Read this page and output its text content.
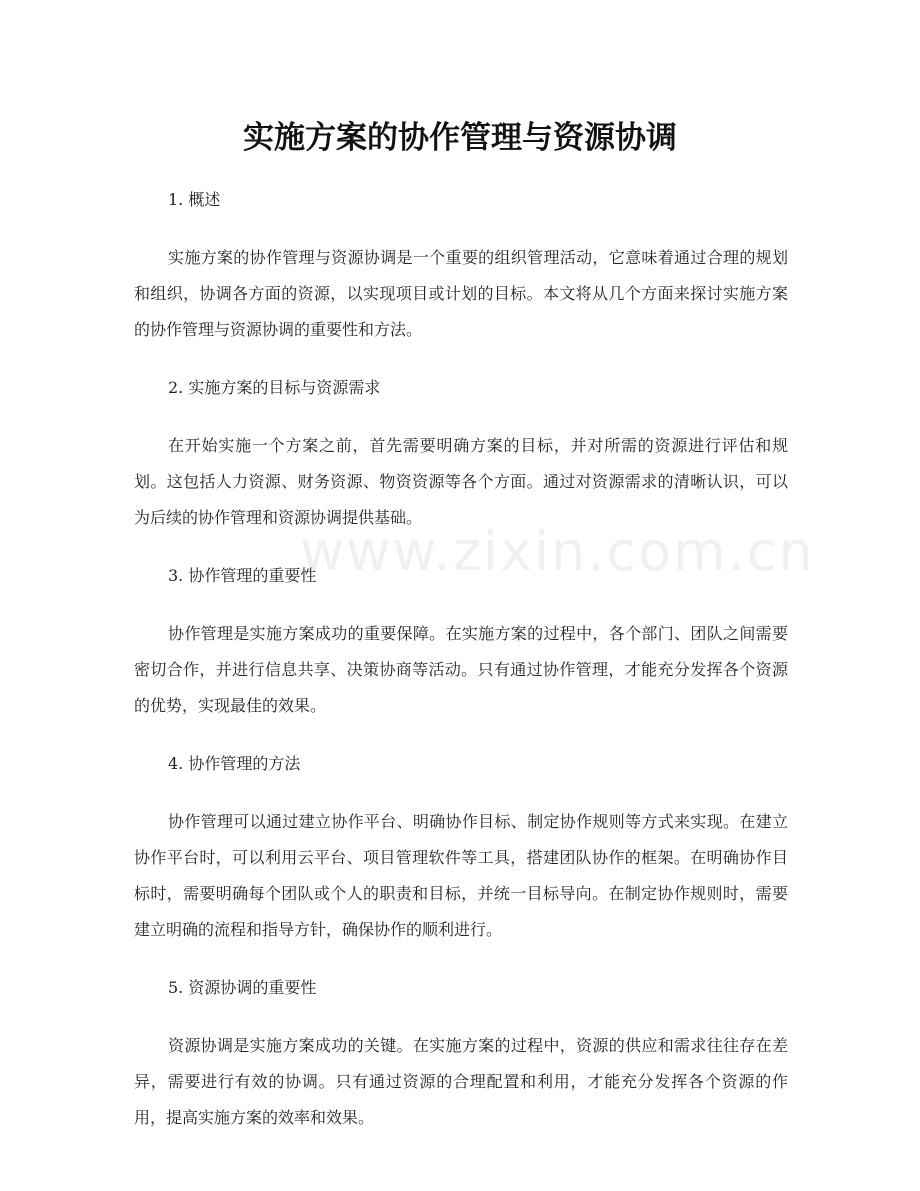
实施方案的协作管理与资源协调

1. 概述

实施方案的协作管理与资源协调是一个重要的组织管理活动，它意味着通过合理的规划和组织，协调各方面的资源，以实现项目或计划的目标。本文将从几个方面来探讨实施方案的协作管理与资源协调的重要性和方法。

2. 实施方案的目标与资源需求

在开始实施一个方案之前，首先需要明确方案的目标，并对所需的资源进行评估和规划。这包括人力资源、财务资源、物资资源等各个方面。通过对资源需求的清晰认识，可以为后续的协作管理和资源协调提供基础。

3. 协作管理的重要性

协作管理是实施方案成功的重要保障。在实施方案的过程中，各个部门、团队之间需要密切合作，并进行信息共享、决策协商等活动。只有通过协作管理，才能充分发挥各个资源的优势，实现最佳的效果。

4. 协作管理的方法

协作管理可以通过建立协作平台、明确协作目标、制定协作规则等方式来实现。在建立协作平台时，可以利用云平台、项目管理软件等工具，搭建团队协作的框架。在明确协作目标时，需要明确每个团队或个人的职责和目标，并统一目标导向。在制定协作规则时，需要建立明确的流程和指导方针，确保协作的顺利进行。

5. 资源协调的重要性

资源协调是实施方案成功的关键。在实施方案的过程中，资源的供应和需求往往存在差异，需要进行有效的协调。只有通过资源的合理配置和利用，才能充分发挥各个资源的作用，提高实施方案的效率和效果。

www.zixin.com.cn
